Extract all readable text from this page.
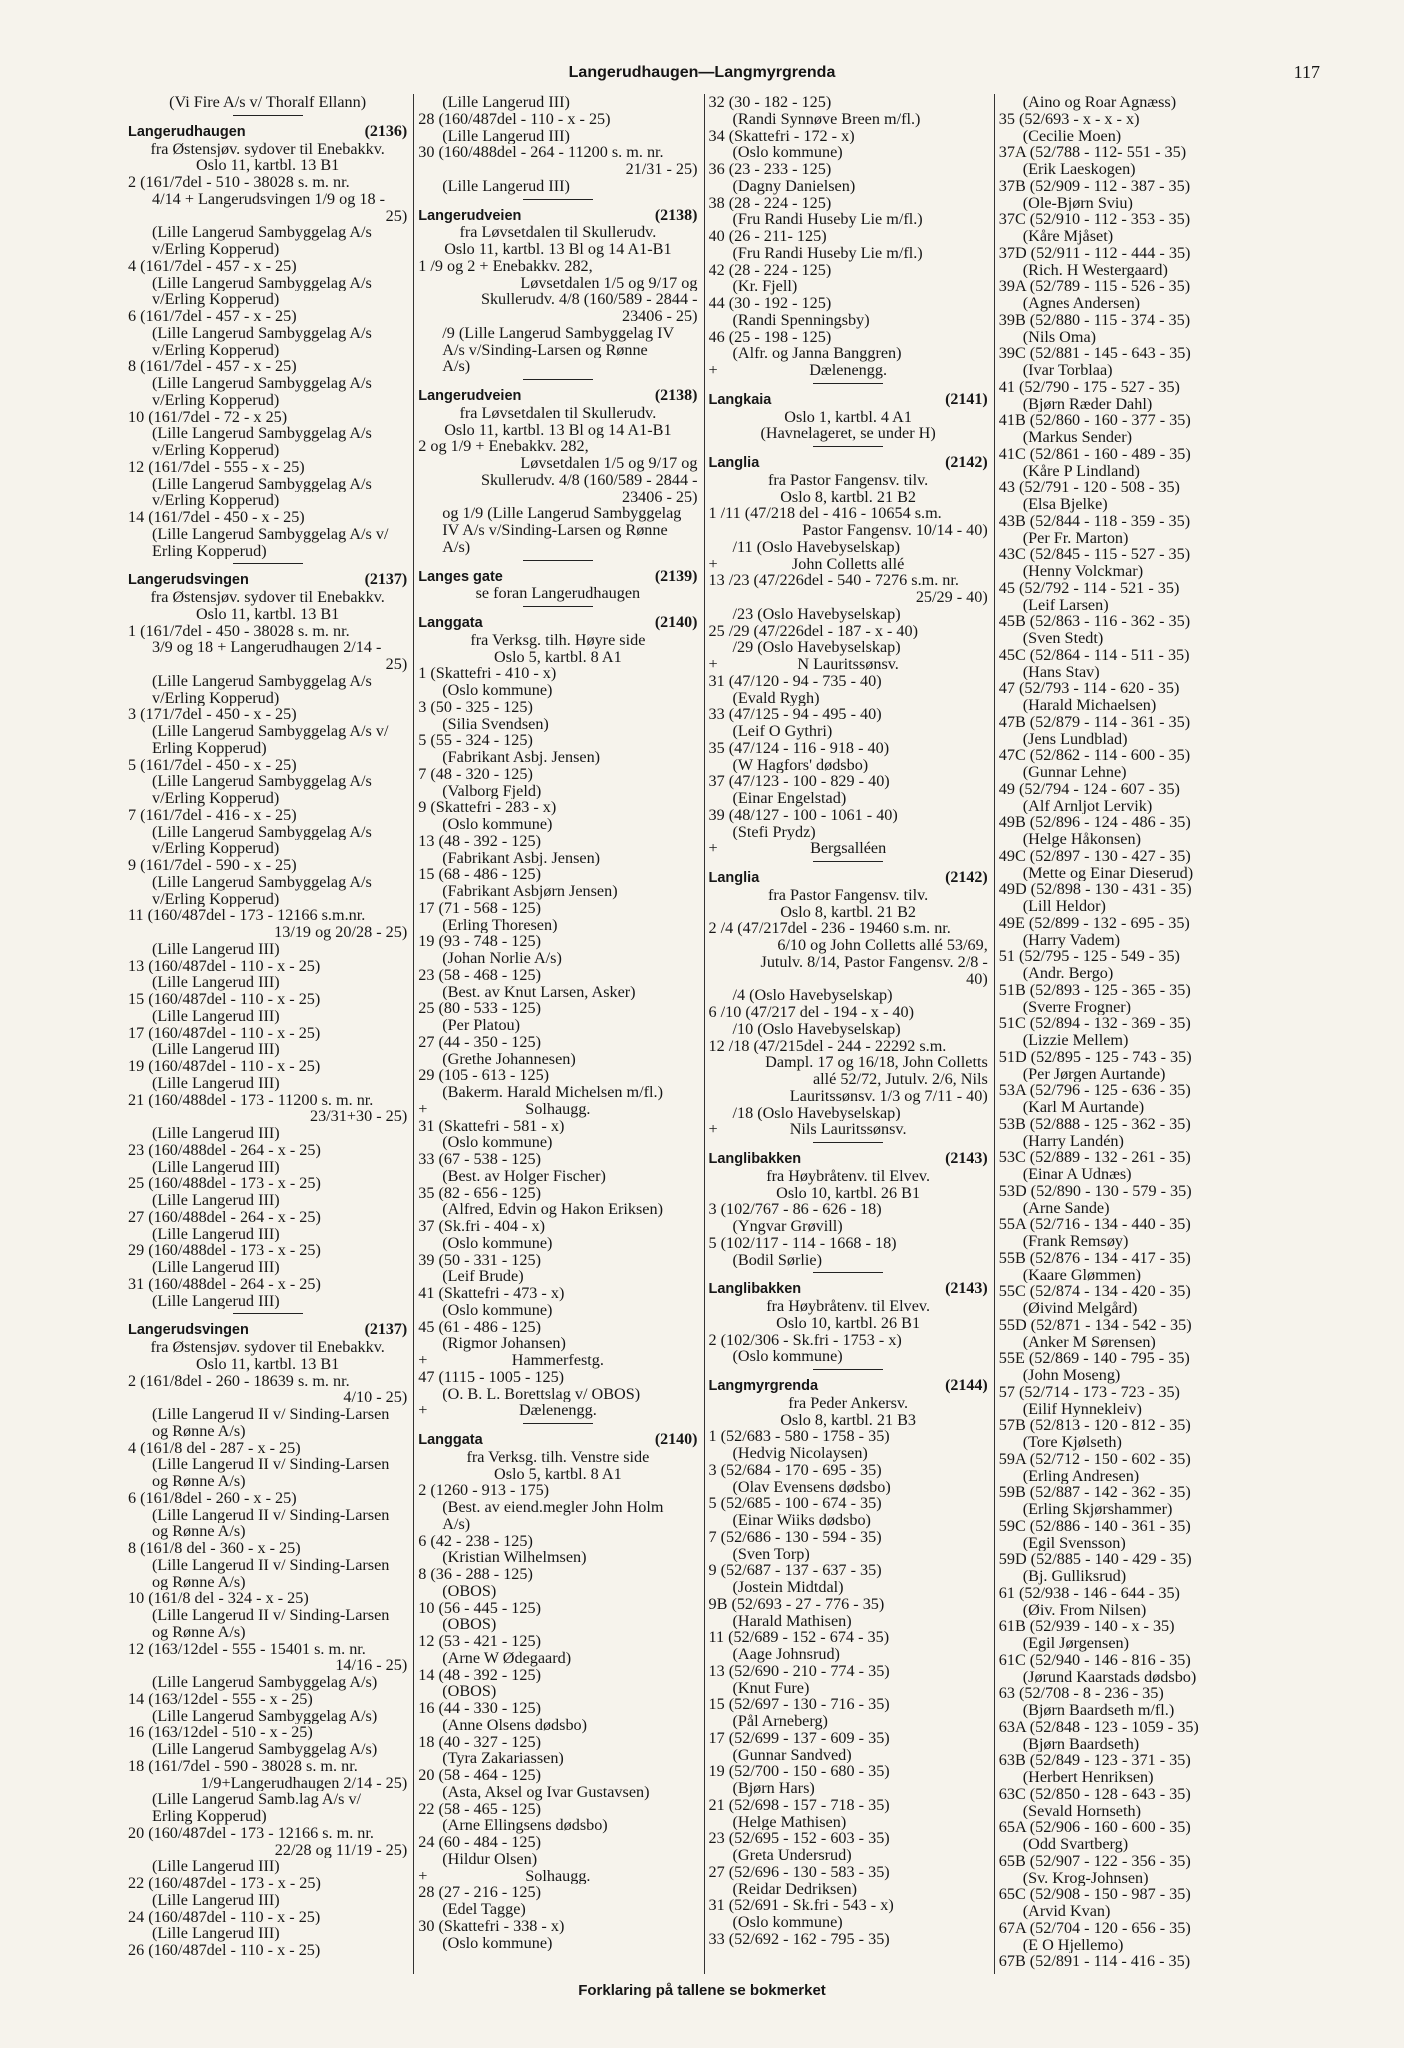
Langerudhaugen—Langmyrgrenda	117
(Vi Fire A/s v/ Thoralf Ellann)
Langerudhaugen	(2136)
fra Østensjøv. sydover til Enebakkv.
Oslo 11, kartbl. 13 B1
2 (161/7del - 510 - 38028 s. m. nr.
4/14 + Langerudsvingen 1/9 og 18 -
25)
(Lille Langerud Sambyggelag A/s
v/Erling Kopperud)
4 (161/7del - 457 - x - 25)
(Lille Langerud Sambyggelag A/s
v/Erling Kopperud)
6 (161/7del - 457 - x - 25)
(Lille Langerud Sambyggelag A/s
v/Erling Kopperud)
8 (161/7del - 457 - x - 25)
(Lille Langerud Sambyggelag A/s
v/Erling Kopperud)
10 (161/7del - 72 - x 25)
(Lille Langerud Sambyggelag A/s
v/Erling Kopperud)
12 (161/7del - 555 - x - 25)
(Lille Langerud Sambyggelag A/s
v/Erling Kopperud)
14 (161/7del - 450 - x - 25)
(Lille Langerud Sambyggelag A/s v/
Erling Kopperud)
Langerudsvingen	(2137)
fra Østensjøv. sydover til Enebakkv.
Oslo 11, kartbl. 13 B1
1 (161/7del - 450 - 38028 s. m. nr.
3/9 og 18 + Langerudhaugen 2/14 -
25)
(Lille Langerud Sambyggelag A/s
v/Erling Kopperud)
3 (171/7del - 450 - x - 25)
(Lille Langerud Sambyggelag A/s v/
Erling Kopperud)
5 (161/7del - 450 - x - 25)
(Lille Langerud Sambyggelag A/s
v/Erling Kopperud)
7 (161/7del - 416 - x - 25)
(Lille Langerud Sambyggelag A/s
v/Erling Kopperud)
9 (161/7del - 590 - x - 25)
(Lille Langerud Sambyggelag A/s
v/Erling Kopperud)
11 (160/487del - 173 - 12166 s.m.nr.
13/19 og 20/28 - 25)
(Lille Langerud III)
13 (160/487del - 110 - x - 25)
(Lille Langerud III)
15 (160/487del - 110 - x - 25)
(Lille Langerud III)
17 (160/487del - 110 - x - 25)
(Lille Langerud III)
19 (160/487del - 110 - x - 25)
(Lille Langerud III)
21 (160/488del - 173 - 11200 s. m. nr.
23/31+30 - 25)
(Lille Langerud III)
23 (160/488del - 264 - x - 25)
(Lille Langerud III)
25 (160/488del - 173 - x - 25)
(Lille Langerud III)
27 (160/488del - 264 - x - 25)
(Lille Langerud III)
29 (160/488del - 173 - x - 25)
(Lille Langerud III)
31 (160/488del - 264 - x - 25)
(Lille Langerud III)
Langerudsvingen	(2137)
fra Østensjøv. sydover til Enebakkv.
Oslo 11, kartbl. 13 B1
2 (161/8del - 260 - 18639 s. m. nr.
4/10 - 25)
(Lille Langerud II v/ Sinding-Larsen
og Rønne A/s)
4 (161/8 del - 287 - x - 25)
(Lille Langerud II v/ Sinding-Larsen
og Rønne A/s)
6 (161/8del - 260 - x - 25)
(Lille Langerud II v/ Sinding-Larsen
og Rønne A/s)
8 (161/8 del - 360 - x - 25)
(Lille Langerud II v/ Sinding-Larsen
og Rønne A/s)
10 (161/8 del - 324 - x - 25)
(Lille Langerud II v/ Sinding-Larsen
og Rønne A/s)
12 (163/12del - 555 - 15401 s. m. nr.
14/16 - 25)
(Lille Langerud Sambyggelag A/s)
14 (163/12del - 555 - x - 25)
(Lille Langerud Sambyggelag A/s)
16 (163/12del - 510 - x - 25)
(Lille Langerud Sambyggelag A/s)
18 (161/7del - 590 - 38028 s. m. nr.
1/9+Langerudhaugen 2/14 - 25)
(Lille Langerud Samb.lag A/s v/
Erling Kopperud)
20 (160/487del - 173 - 12166 s. m. nr.
22/28 og 11/19 - 25)
(Lille Langerud III)
22 (160/487del - 173 - x - 25)
(Lille Langerud III)
24 (160/487del - 110 - x - 25)
(Lille Langerud III)
26 (160/487del - 110 - x - 25)
(Lille Langerud III)
28 (160/487del - 110 - x - 25)
(Lille Langerud III)
30 (160/488del - 264 - 11200 s. m. nr.
21/31 - 25)
(Lille Langerud III)
Langerudveien	(2138)
fra Løvsetdalen til Skullerudv.
Oslo 11, kartbl. 13 Bl og 14 A1-B1
1 /9 og 2 + Enebakkv. 282,
Løvsetdalen 1/5 og 9/17 og
Skullerudv. 4/8 (160/589 - 2844 -
23406 - 25)
/9 (Lille Langerud Sambyggelag IV
A/s v/Sinding-Larsen og Rønne
A/s)
Langerudveien	(2138)
fra Løvsetdalen til Skullerudv.
Oslo 11, kartbl. 13 Bl og 14 A1-B1
2 og 1/9 + Enebakkv. 282,
Løvsetdalen 1/5 og 9/17 og
Skullerudv. 4/8 (160/589 - 2844 -
23406 - 25)
og 1/9 (Lille Langerud Sambyggelag
IV A/s v/Sinding-Larsen og Rønne
A/s)
Langes gate	(2139)
se foran Langerudhaugen
Langgata	(2140)
fra Verksg. tilh. Høyre side
Oslo 5, kartbl. 8 A1
1 (Skattefri - 410 - x)
(Oslo kommune)
3 (50 - 325 - 125)
(Silia Svendsen)
5 (55 - 324 - 125)
(Fabrikant Asbj. Jensen)
7 (48 - 320 - 125)
(Valborg Fjeld)
9 (Skattefri - 283 - x)
(Oslo kommune)
13 (48 - 392 - 125)
(Fabrikant Asbj. Jensen)
15 (68 - 486 - 125)
(Fabrikant Asbjørn Jensen)
17 (71 - 568 - 125)
(Erling Thoresen)
19 (93 - 748 - 125)
(Johan Norlie A/s)
23 (58 - 468 - 125)
(Best. av Knut Larsen, Asker)
25 (80 - 533 - 125)
(Per Platou)
27 (44 - 350 - 125)
(Grethe Johannesen)
29 (105 - 613 - 125)
(Bakerm. Harald Michelsen m/fl.)
+	Solhaugg.
31 (Skattefri - 581 - x)
(Oslo kommune)
33 (67 - 538 - 125)
(Best. av Holger Fischer)
35 (82 - 656 - 125)
(Alfred, Edvin og Hakon Eriksen)
37 (Sk.fri - 404 - x)
(Oslo kommune)
39 (50 - 331 - 125)
(Leif Brude)
41 (Skattefri - 473 - x)
(Oslo kommune)
45 (61 - 486 - 125)
(Rigmor Johansen)
+	Hammerfestg.
47 (1115 - 1005 - 125)
(O. B. L. Borettslag v/ OBOS)
+	Dælenengg.
Langgata	(2140)
fra Verksg. tilh. Venstre side
Oslo 5, kartbl. 8 A1
2 (1260 - 913 - 175)
(Best. av eiend.megler John Holm
A/s)
6 (42 - 238 - 125)
(Kristian Wilhelmsen)
8 (36 - 288 - 125)
(OBOS)
10 (56 - 445 - 125)
(OBOS)
12 (53 - 421 - 125)
(Arne W Ødegaard)
14 (48 - 392 - 125)
(OBOS)
16 (44 - 330 - 125)
(Anne Olsens dødsbo)
18 (40 - 327 - 125)
(Tyra Zakariassen)
20 (58 - 464 - 125)
(Asta, Aksel og Ivar Gustavsen)
22 (58 - 465 - 125)
(Arne Ellingsens dødsbo)
24 (60 - 484 - 125)
(Hildur Olsen)
+	Solhaugg.
28 (27 - 216 - 125)
(Edel Tagge)
30 (Skattefri - 338 - x)
(Oslo kommune)
32 (30 - 182 - 125)
(Randi Synnøve Breen m/fl.)
34 (Skattefri - 172 - x)
(Oslo kommune)
36 (23 - 233 - 125)
(Dagny Danielsen)
38 (28 - 224 - 125)
(Fru Randi Huseby Lie m/fl.)
40 (26 - 211- 125)
(Fru Randi Huseby Lie m/fl.)
42 (28 - 224 - 125)
(Kr. Fjell)
44 (30 - 192 - 125)
(Randi Spenningsby)
46 (25 - 198 - 125)
(Alfr. og Janna Banggren)
+	Dælenengg.
Langkaia	(2141)
Oslo 1, kartbl. 4 A1
(Havnelageret, se under H)
Langlia	(2142)
fra Pastor Fangensv. tilv.
Oslo 8, kartbl. 21 B2
1 /11 (47/218 del - 416 - 10654 s.m.
Pastor Fangensv. 10/14 - 40)
/11 (Oslo Havebyselskap)
+	John Colletts allé
13 /23 (47/226del - 540 - 7276 s.m. nr.
25/29 - 40)
/23 (Oslo Havebyselskap)
25 /29 (47/226del - 187 - x - 40)
/29 (Oslo Havebyselskap)
+	N Lauritssønsv.
31 (47/120 - 94 - 735 - 40)
(Evald Rygh)
33 (47/125 - 94 - 495 - 40)
(Leif O Gythri)
35 (47/124 - 116 - 918 - 40)
(W Hagfors' dødsbo)
37 (47/123 - 100 - 829 - 40)
(Einar Engelstad)
39 (48/127 - 100 - 1061 - 40)
(Stefi Prydz)
+	Bergsalléen
Langlia	(2142)
fra Pastor Fangensv. tilv.
Oslo 8, kartbl. 21 B2
2 /4 (47/217del - 236 - 19460 s.m. nr.
6/10 og John Colletts allé 53/69,
Jutulv. 8/14, Pastor Fangensv. 2/8 -
40)
/4 (Oslo Havebyselskap)
6 /10 (47/217 del - 194 - x - 40)
/10 (Oslo Havebyselskap)
12 /18 (47/215del - 244 - 22292 s.m.
Dampl. 17 og 16/18, John Colletts
allé 52/72, Jutulv. 2/6, Nils
Lauritssønsv. 1/3 og 7/11 - 40)
/18 (Oslo Havebyselskap)
+	Nils Lauritssønsv.
Langlibakken	(2143)
fra Høybråtenv. til Elvev.
Oslo 10, kartbl. 26 B1
3 (102/767 - 86 - 626 - 18)
(Yngvar Grøvill)
5 (102/117 - 114 - 1668 - 18)
(Bodil Sørlie)
Langlibakken	(2143)
fra Høybråtenv. til Elvev.
Oslo 10, kartbl. 26 B1
2 (102/306 - Sk.fri - 1753 - x)
(Oslo kommune)
Langmyrgrenda	(2144)
fra Peder Ankersv.
Oslo 8, kartbl. 21 B3
1 (52/683 - 580 - 1758 - 35)
(Hedvig Nicolaysen)
3 (52/684 - 170 - 695 - 35)
(Olav Evensens dødsbo)
5 (52/685 - 100 - 674 - 35)
(Einar Wiiks dødsbo)
7 (52/686 - 130 - 594 - 35)
(Sven Torp)
9 (52/687 - 137 - 637 - 35)
(Jostein Midtdal)
9B (52/693 - 27 - 776 - 35)
(Harald Mathisen)
11 (52/689 - 152 - 674 - 35)
(Aage Johnsrud)
13 (52/690 - 210 - 774 - 35)
(Knut Fure)
15 (52/697 - 130 - 716 - 35)
(Pål Arneberg)
17 (52/699 - 137 - 609 - 35)
(Gunnar Sandved)
19 (52/700 - 150 - 680 - 35)
(Bjørn Hars)
21 (52/698 - 157 - 718 - 35)
(Helge Mathisen)
23 (52/695 - 152 - 603 - 35)
(Greta Undersrud)
27 (52/696 - 130 - 583 - 35)
(Reidar Dedriksen)
31 (52/691 - Sk.fri - 543 - x)
(Oslo kommune)
33 (52/692 - 162 - 795 - 35)
(Aino og Roar Agnæss)
35 (52/693 - x - x - x)
(Cecilie Moen)
37A (52/788 - 112- 551 - 35)
(Erik Laeskogen)
37B (52/909 - 112 - 387 - 35)
(Ole-Bjørn Sviu)
37C (52/910 - 112 - 353 - 35)
(Kåre Mjåset)
37D (52/911 - 112 - 444 - 35)
(Rich. H Westergaard)
39A (52/789 - 115 - 526 - 35)
(Agnes Andersen)
39B (52/880 - 115 - 374 - 35)
(Nils Oma)
39C (52/881 - 145 - 643 - 35)
(Ivar Torblaa)
41 (52/790 - 175 - 527 - 35)
(Bjørn Ræder Dahl)
41B (52/860 - 160 - 377 - 35)
(Markus Sender)
41C (52/861 - 160 - 489 - 35)
(Kåre P Lindland)
43 (52/791 - 120 - 508 - 35)
(Elsa Bjelke)
43B (52/844 - 118 - 359 - 35)
(Per Fr. Marton)
43C (52/845 - 115 - 527 - 35)
(Henny Volckmar)
45 (52/792 - 114 - 521 - 35)
(Leif Larsen)
45B (52/863 - 116 - 362 - 35)
(Sven Stedt)
45C (52/864 - 114 - 511 - 35)
(Hans Stav)
47 (52/793 - 114 - 620 - 35)
(Harald Michaelsen)
47B (52/879 - 114 - 361 - 35)
(Jens Lundblad)
47C (52/862 - 114 - 600 - 35)
(Gunnar Lehne)
49 (52/794 - 124 - 607 - 35)
(Alf Arnljot Lervik)
49B (52/896 - 124 - 486 - 35)
(Helge Håkonsen)
49C (52/897 - 130 - 427 - 35)
(Mette og Einar Dieserud)
49D (52/898 - 130 - 431 - 35)
(Lill Heldor)
49E (52/899 - 132 - 695 - 35)
(Harry Vadem)
51 (52/795 - 125 - 549 - 35)
(Andr. Bergo)
51B (52/893 - 125 - 365 - 35)
(Sverre Frogner)
51C (52/894 - 132 - 369 - 35)
(Lizzie Mellem)
51D (52/895 - 125 - 743 - 35)
(Per Jørgen Aurtande)
53A (52/796 - 125 - 636 - 35)
(Karl M Aurtande)
53B (52/888 - 125 - 362 - 35)
(Harry Landén)
53C (52/889 - 132 - 261 - 35)
(Einar A Udnæs)
53D (52/890 - 130 - 579 - 35)
(Arne Sande)
55A (52/716 - 134 - 440 - 35)
(Frank Remsøy)
55B (52/876 - 134 - 417 - 35)
(Kaare Glømmen)
55C (52/874 - 134 - 420 - 35)
(Øivind Melgård)
55D (52/871 - 134 - 542 - 35)
(Anker M Sørensen)
55E (52/869 - 140 - 795 - 35)
(John Moseng)
57 (52/714 - 173 - 723 - 35)
(Eilif Hynnekleiv)
57B (52/813 - 120 - 812 - 35)
(Tore Kjølseth)
59A (52/712 - 150 - 602 - 35)
(Erling Andresen)
59B (52/887 - 142 - 362 - 35)
(Erling Skjørshammer)
59C (52/886 - 140 - 361 - 35)
(Egil Svensson)
59D (52/885 - 140 - 429 - 35)
(Bj. Gulliksrud)
61 (52/938 - 146 - 644 - 35)
(Øiv. From Nilsen)
61B (52/939 - 140 - x - 35)
(Egil Jørgensen)
61C (52/940 - 146 - 816 - 35)
(Jørund Kaarstads dødsbo)
63 (52/708 - 8 - 236 - 35)
(Bjørn Baardseth m/fl.)
63A (52/848 - 123 - 1059 - 35)
(Bjørn Baardseth)
63B (52/849 - 123 - 371 - 35)
(Herbert Henriksen)
63C (52/850 - 128 - 643 - 35)
(Sevald Hornseth)
65A (52/906 - 160 - 600 - 35)
(Odd Svartberg)
65B (52/907 - 122 - 356 - 35)
(Sv. Krog-Johnsen)
65C (52/908 - 150 - 987 - 35)
(Arvid Kvan)
67A (52/704 - 120 - 656 - 35)
(E O Hjellemo)
67B (52/891 - 114 - 416 - 35)
Forklaring på tallene se bokmerket
